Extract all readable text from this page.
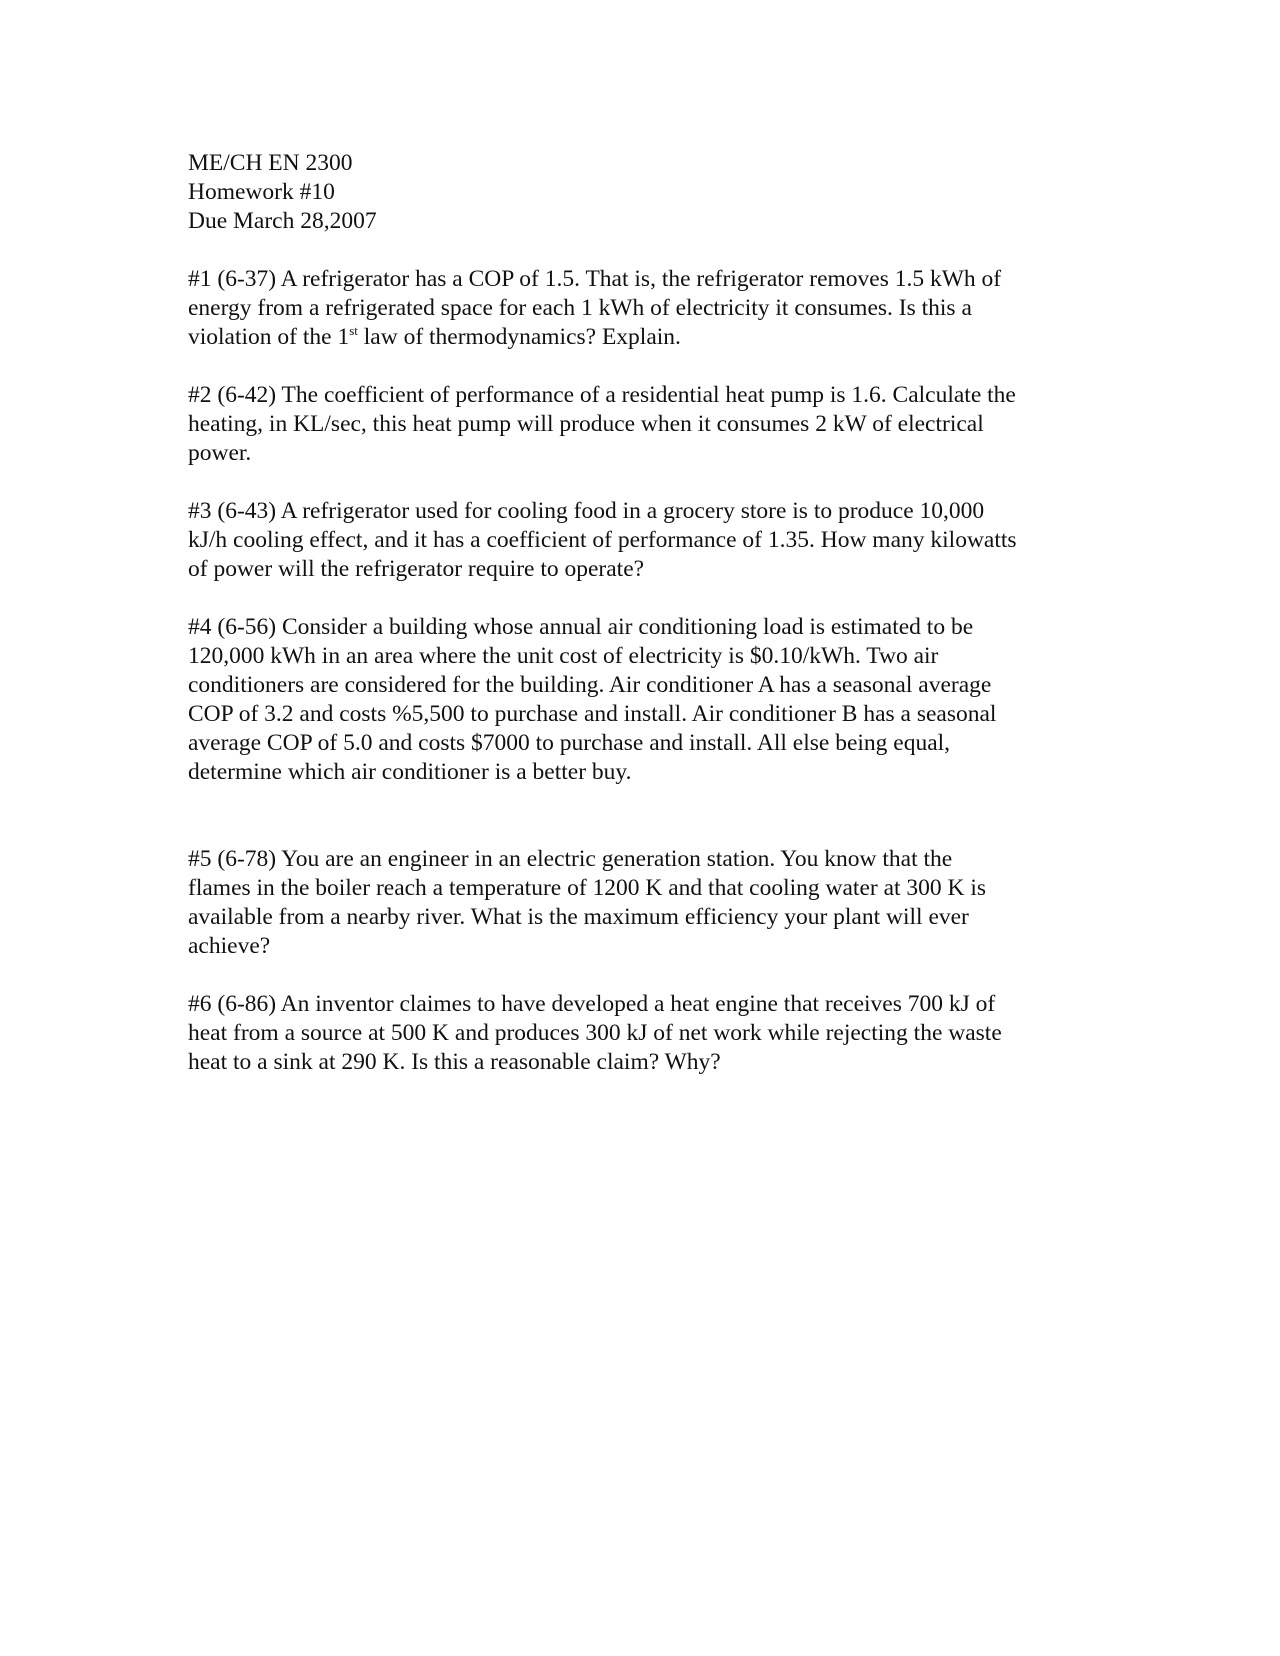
ME/CH EN 2300
Homework #10
Due March 28,2007
#1 (6-37) A refrigerator has a COP of 1.5. That is, the refrigerator removes 1.5 kWh of
energy from a refrigerated space for each 1 kWh of electricity it consumes. Is this a
violation of the 1st law of thermodynamics? Explain.
#2 (6-42) The coefficient of performance of a residential heat pump is 1.6. Calculate the
heating, in KL/sec, this heat pump will produce when it consumes 2 kW of electrical
power.
#3 (6-43) A refrigerator used for cooling food in a grocery store is to produce 10,000
kJ/h cooling effect, and it has a coefficient of performance of 1.35. How many kilowatts
of power will the refrigerator require to operate?
#4 (6-56) Consider a building whose annual air conditioning load is estimated to be
120,000 kWh in an area where the unit cost of electricity is $0.10/kWh. Two air
conditioners are considered for the building. Air conditioner A has a seasonal average
COP of 3.2 and costs %5,500 to purchase and install. Air conditioner B has a seasonal
average COP of 5.0 and costs $7000 to purchase and install. All else being equal,
determine which air conditioner is a better buy.
#5 (6-78) You are an engineer in an electric generation station. You know that the
flames in the boiler reach a temperature of 1200 K and that cooling water at 300 K is
available from a nearby river. What is the maximum efficiency your plant will ever
achieve?
#6 (6-86) An inventor claimes to have developed a heat engine that receives 700 kJ of
heat from a source at 500 K and produces 300 kJ of net work while rejecting the waste
heat to a sink at 290 K. Is this a reasonable claim? Why?
